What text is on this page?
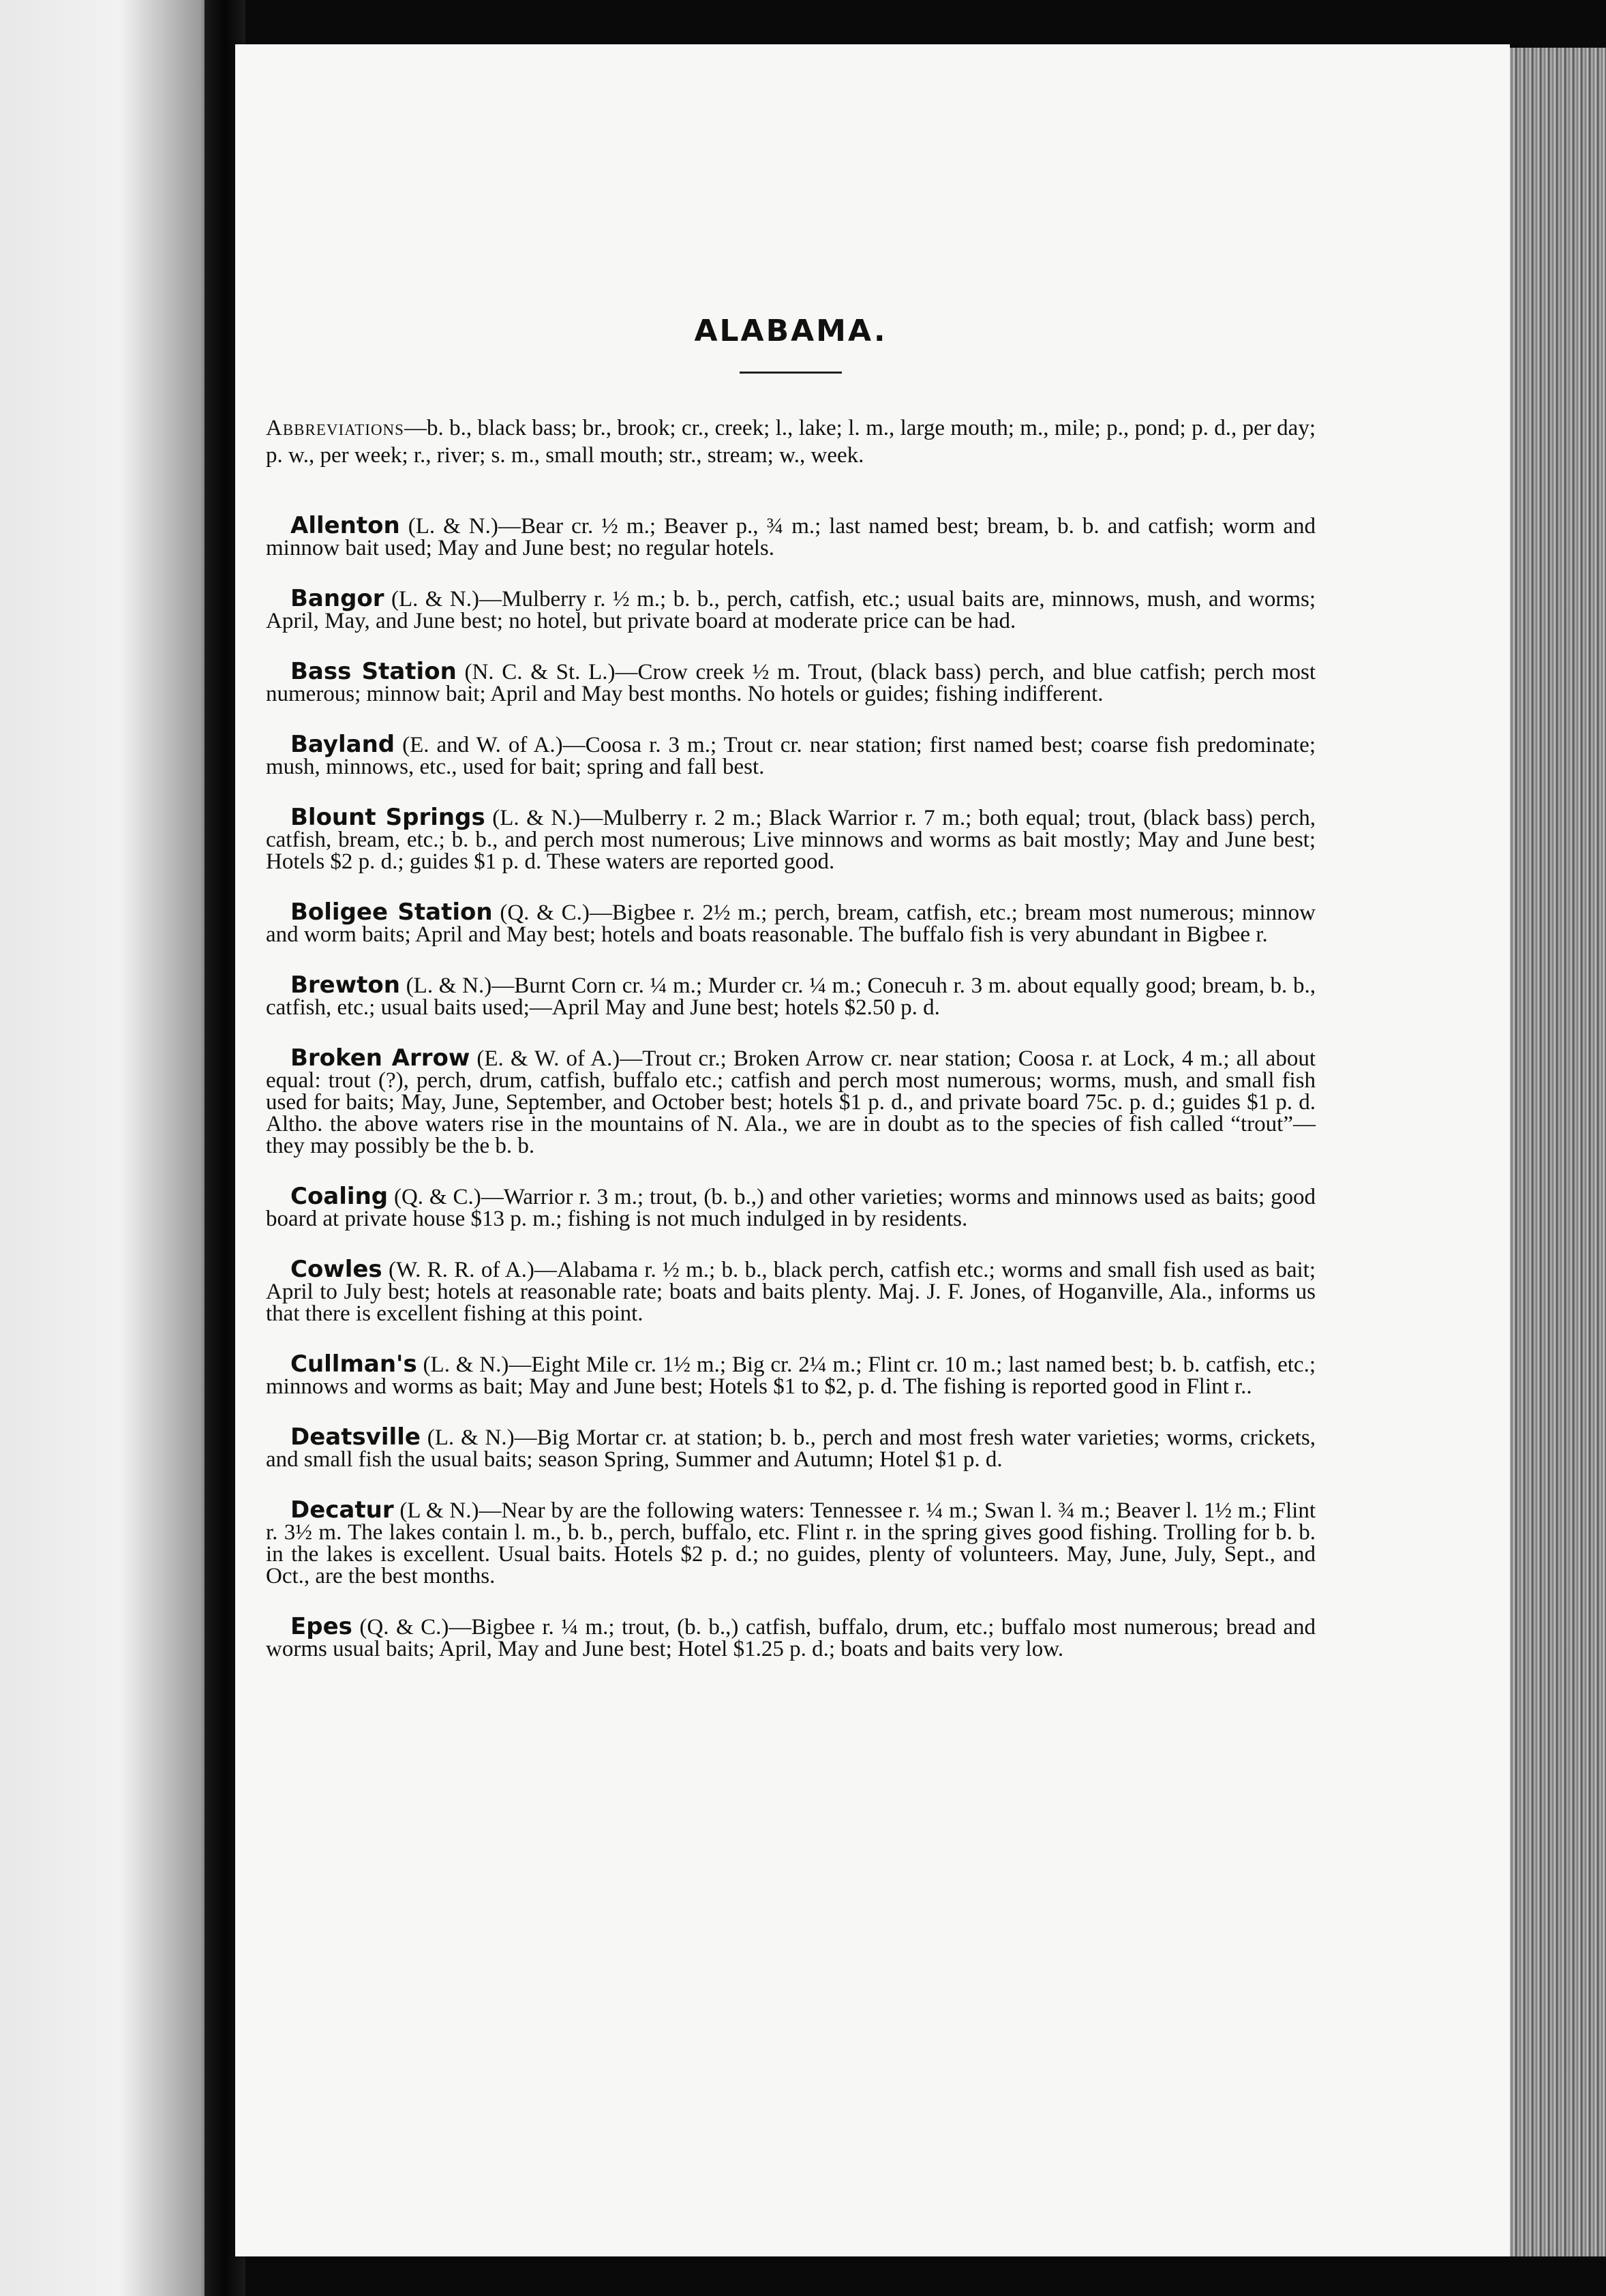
ALABAMA.

Abbreviations—b. b., black bass; br., brook; cr., creek; l., lake; l. m., large mouth; m., mile; p., pond; p. d., per day; p. w., per week; r., river; s. m., small mouth; str., stream; w., week.

Allenton (L. & N.)—Bear cr. ½ m.; Beaver p., ¾ m.; last named best; bream, b. b. and catfish; worm and minnow bait used; May and June best; no regular hotels.

Bangor (L. & N.)—Mulberry r. ½ m.; b. b., perch, catfish, etc.; usual baits are, minnows, mush, and worms; April, May, and June best; no hotel, but private board at moderate price can be had.

Bass Station (N. C. & St. L.)—Crow creek ½ m. Trout, (black bass) perch, and blue catfish; perch most numerous; minnow bait; April and May best months. No hotels or guides; fishing indifferent.

Bayland (E. and W. of A.)—Coosa r. 3 m.; Trout cr. near station; first named best; coarse fish predominate; mush, minnows, etc., used for bait; spring and fall best.

Blount Springs (L. & N.)—Mulberry r. 2 m.; Black Warrior r. 7 m.; both equal; trout, (black bass) perch, catfish, bream, etc.; b. b., and perch most numerous; Live minnows and worms as bait mostly; May and June best; Hotels $2 p. d.; guides $1 p. d. These waters are reported good.

Boligee Station (Q. & C.)—Bigbee r. 2½ m.; perch, bream, catfish, etc.; bream most numerous; minnow and worm baits; April and May best; hotels and boats reasonable. The buffalo fish is very abundant in Bigbee r.

Brewton (L. & N.)—Burnt Corn cr. ¼ m.; Murder cr. ¼ m.; Conecuh r. 3 m. about equally good; bream, b. b., catfish, etc.; usual baits used;—April May and June best; hotels $2.50 p. d.

Broken Arrow (E. & W. of A.)—Trout cr.; Broken Arrow cr. near station; Coosa r. at Lock, 4 m.; all about equal: trout (?), perch, drum, catfish, buffalo etc.; catfish and perch most numerous; worms, mush, and small fish used for baits; May, June, September, and October best; hotels $1 p. d., and private board 75c. p. d.; guides $1 p. d. Altho. the above waters rise in the mountains of N. Ala., we are in doubt as to the species of fish called “trout”—they may possibly be the b. b.

Coaling (Q. & C.)—Warrior r. 3 m.; trout, (b. b.,) and other varieties; worms and minnows used as baits; good board at private house $13 p. m.; fishing is not much indulged in by residents.

Cowles (W. R. R. of A.)—Alabama r. ½ m.; b. b., black perch, catfish etc.; worms and small fish used as bait; April to July best; hotels at reasonable rate; boats and baits plenty. Maj. J. F. Jones, of Hoganville, Ala., informs us that there is excellent fishing at this point.

Cullman's (L. & N.)—Eight Mile cr. 1½ m.; Big cr. 2¼ m.; Flint cr. 10 m.; last named best; b. b. catfish, etc.; minnows and worms as bait; May and June best; Hotels $1 to $2, p. d. The fishing is reported good in Flint r..

Deatsville (L. & N.)—Big Mortar cr. at station; b. b., perch and most fresh water varieties; worms, crickets, and small fish the usual baits; season Spring, Summer and Autumn; Hotel $1 p. d.

Decatur (L & N.)—Near by are the following waters: Tennessee r. ¼ m.; Swan l. ¾ m.; Beaver l. 1½ m.; Flint r. 3½ m. The lakes contain l. m., b. b., perch, buffalo, etc. Flint r. in the spring gives good fishing. Trolling for b. b. in the lakes is excellent. Usual baits. Hotels $2 p. d.; no guides, plenty of volunteers. May, June, July, Sept., and Oct., are the best months.

Epes (Q. & C.)—Bigbee r. ¼ m.; trout, (b. b.,) catfish, buffalo, drum, etc.; buffalo most numerous; bread and worms usual baits; April, May and June best; Hotel $1.25 p. d.; boats and baits very low.
